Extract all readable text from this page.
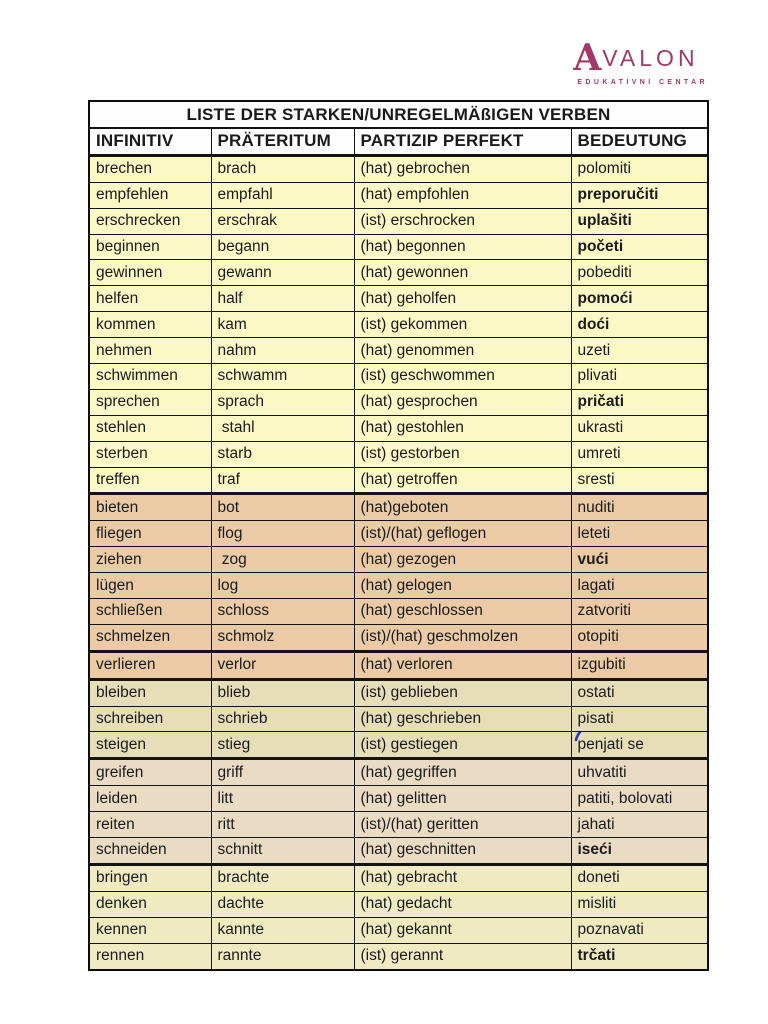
AVALON
EDUKATIVNI CENTAR
LISTE DER STARKEN/UNREGELMÄßIGEN VERBEN			
INFINITIV	PRÄTERITUM	PARTIZIP PERFEKT	BEDEUTUNG
brechen	brach	(hat) gebrochen	polomiti
empfehlen	empfahl	(hat) empfohlen	preporučiti
erschrecken	erschrak	(ist) erschrocken	uplašiti
beginnen	begann	(hat) begonnen	početi
gewinnen	gewann	(hat) gewonnen	pobediti
helfen	half	(hat) geholfen	pomoći
kommen	kam	(ist) gekommen	doći
nehmen	nahm	(hat) genommen	uzeti
schwimmen	schwamm	(ist) geschwommen	plivati
sprechen	sprach	(hat) gesprochen	pričati
stehlen	stahl	(hat) gestohlen	ukrasti
sterben	starb	(ist) gestorben	umreti
treffen	traf	(hat) getroffen	sresti
bieten	bot	(hat)geboten	nuditi
fliegen	flog	(ist)/(hat) geflogen	leteti
ziehen	zog	(hat) gezogen	vući
lügen	log	(hat) gelogen	lagati
schließen	schloss	(hat) geschlossen	zatvoriti
schmelzen	schmolz	(ist)/(hat) geschmolzen	otopiti
verlieren	verlor	(hat) verloren	izgubiti
bleiben	blieb	(ist) geblieben	ostati
schreiben	schrieb	(hat) geschrieben	pisati
steigen	stieg	(ist) gestiegen	penjati se

greifen	griff	(hat) gegriffen	uhvatiti
leiden	litt	(hat) gelitten	patiti, bolovati
reiten	ritt	(ist)/(hat) geritten	jahati
schneiden	schnitt	(hat) geschnitten	iseći
bringen	brachte	(hat) gebracht	doneti
denken	dachte	(hat) gedacht	misliti
kennen	kannte	(hat) gekannt	poznavati
rennen	rannte	(ist) gerannt	trčati
